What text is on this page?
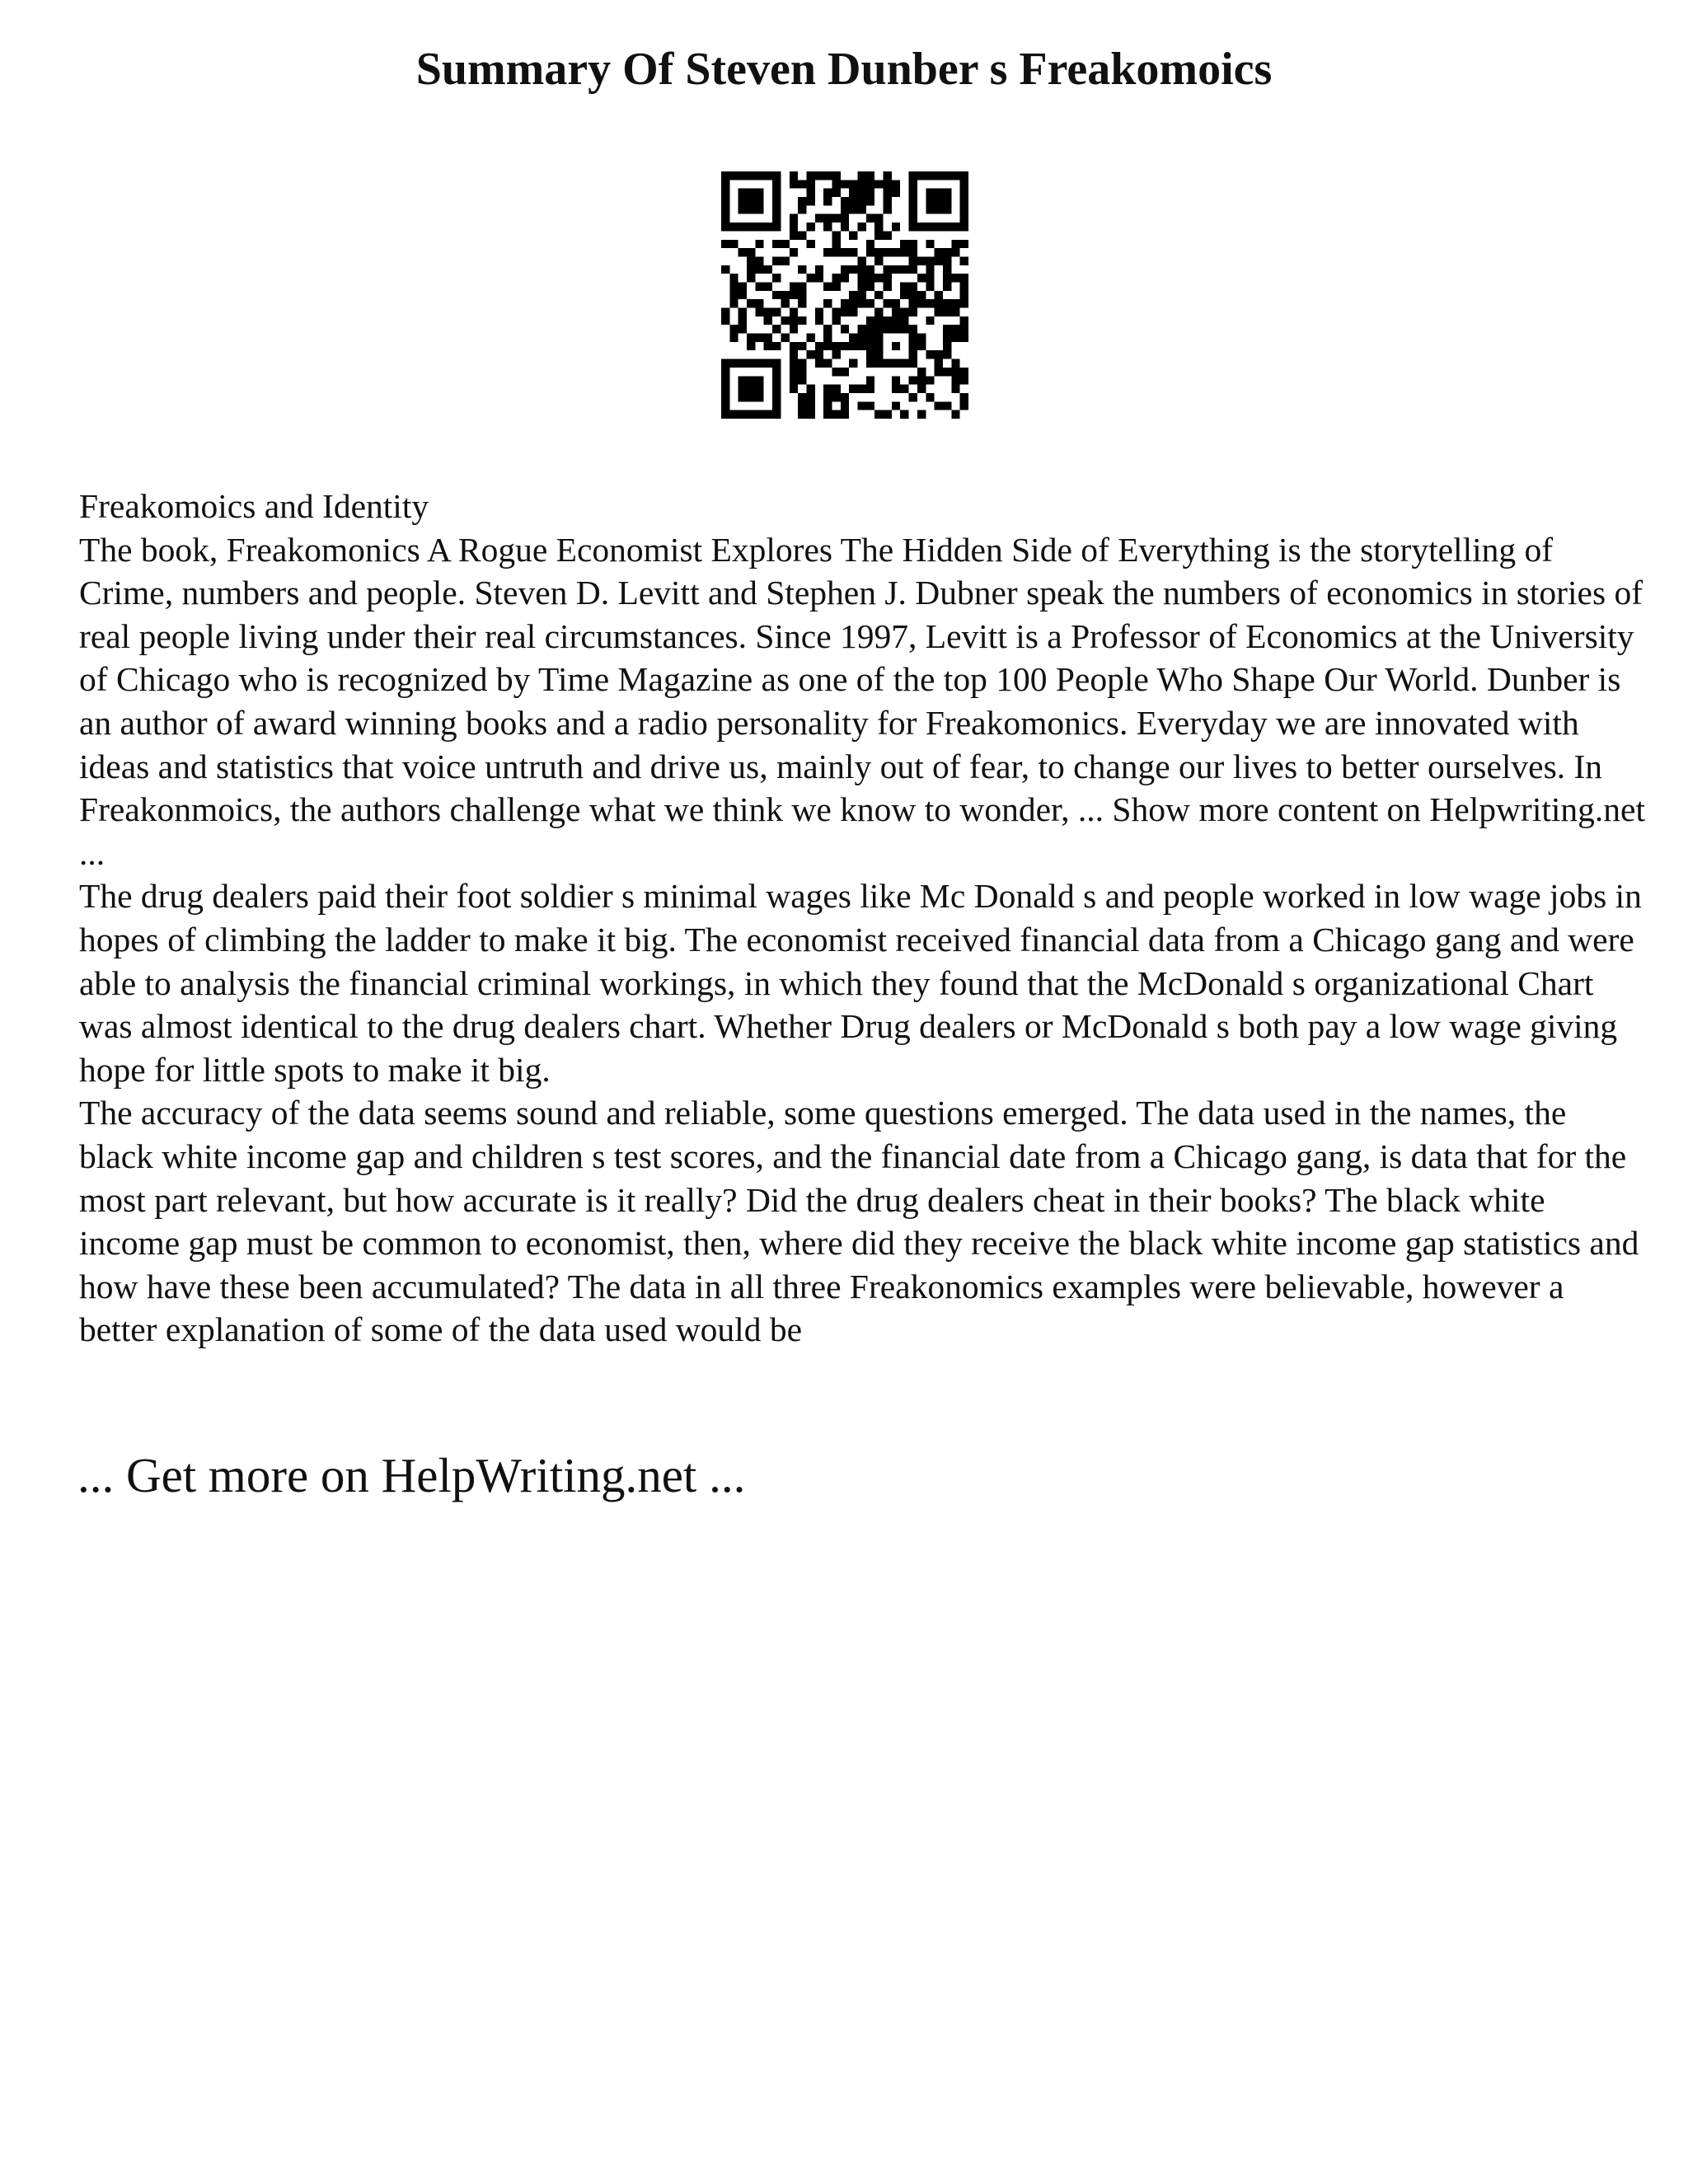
Summary Of Steven Dunber s Freakomoics

Freakomoics and Identity

The book, Freakomonics A Rogue Economist Explores The Hidden Side of Everything is the storytelling of Crime, numbers and people. Steven D. Levitt and Stephen J. Dubner speak the numbers of economics in stories of real people living under their real circumstances. Since 1997, Levitt is a Professor of Economics at the University of Chicago who is recognized by Time Magazine as one of the top 100 People Who Shape Our World. Dunber is an author of award winning books and a radio personality for Freakomonics. Everyday we are innovated with ideas and statistics that voice untruth and drive us, mainly out of fear, to change our lives to better ourselves. In Freakonmoics, the authors challenge what we think we know to wonder, ... Show more content on Helpwriting.net ...

The drug dealers paid their foot soldier s minimal wages like Mc Donald s and people worked in low wage jobs in hopes of climbing the ladder to make it big. The economist received financial data from a Chicago gang and were able to analysis the financial criminal workings, in which they found that the McDonald s organizational Chart was almost identical to the drug dealers chart. Whether Drug dealers or McDonald s both pay a low wage giving hope for little spots to make it big.

The accuracy of the data seems sound and reliable, some questions emerged. The data used in the names, the black white income gap and children s test scores, and the financial date from a Chicago gang, is data that for the most part relevant, but how accurate is it really? Did the drug dealers cheat in their books? The black white income gap must be common to economist, then, where did they receive the black white income gap statistics and how have these been accumulated? The data in all three Freakonomics examples were believable, however a better explanation of some of the data used would be

... Get more on HelpWriting.net ...
